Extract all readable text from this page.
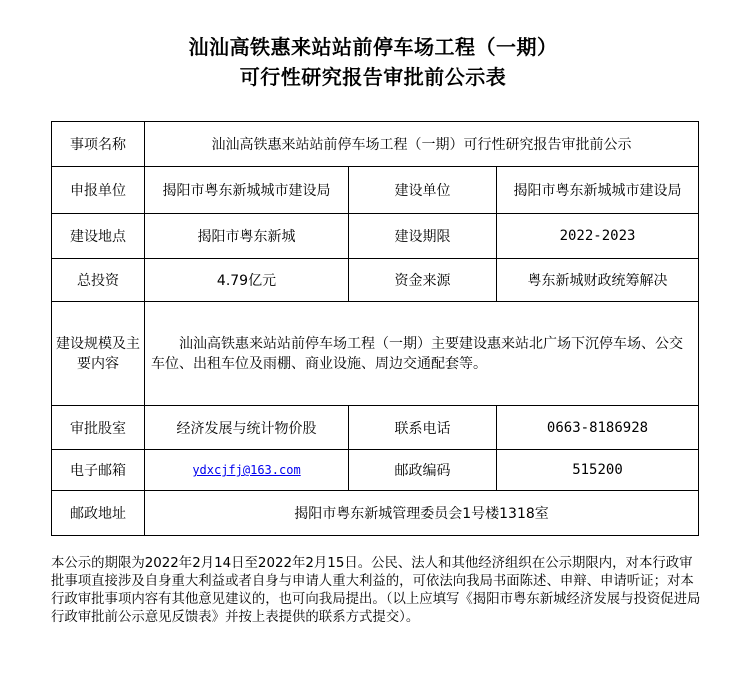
汕汕高铁惠来站站前停车场工程（一期）
可行性研究报告审批前公示表
事项名称	汕汕高铁惠来站站前停车场工程（一期）可行性研究报告审批前公示		
申报单位	揭阳市粤东新城城市建设局	建设单位	揭阳市粤东新城城市建设局
建设地点	揭阳市粤东新城	建设期限	2022-2023
总投资	4.79亿元	资金来源	粤东新城财政统筹解决
建设规模及主要内容	汕汕高铁惠来站站前停车场工程（一期）主要建设惠来站北广场下沉停车场、公交车位、出租车位及雨棚、商业设施、周边交通配套等。		
审批股室	经济发展与统计物价股	联系电话	0663-8186928
电子邮箱	ydxcjfj@163.com	邮政编码	515200
邮政地址	揭阳市粤东新城管理委员会1号楼1318室		
本公示的期限为2022年2月14日至2022年2月15日。公民、法人和其他经济组织在公示期限内，对本行政审批事项直接涉及自身重大利益或者自身与申请人重大利益的，可依法向我局书面陈述、申辩、申请听证；对本行政审批事项内容有其他意见建议的，也可向我局提出。（以上应填写《揭阳市粤东新城经济发展与投资促进局行政审批前公示意见反馈表》并按上表提供的联系方式提交）。
